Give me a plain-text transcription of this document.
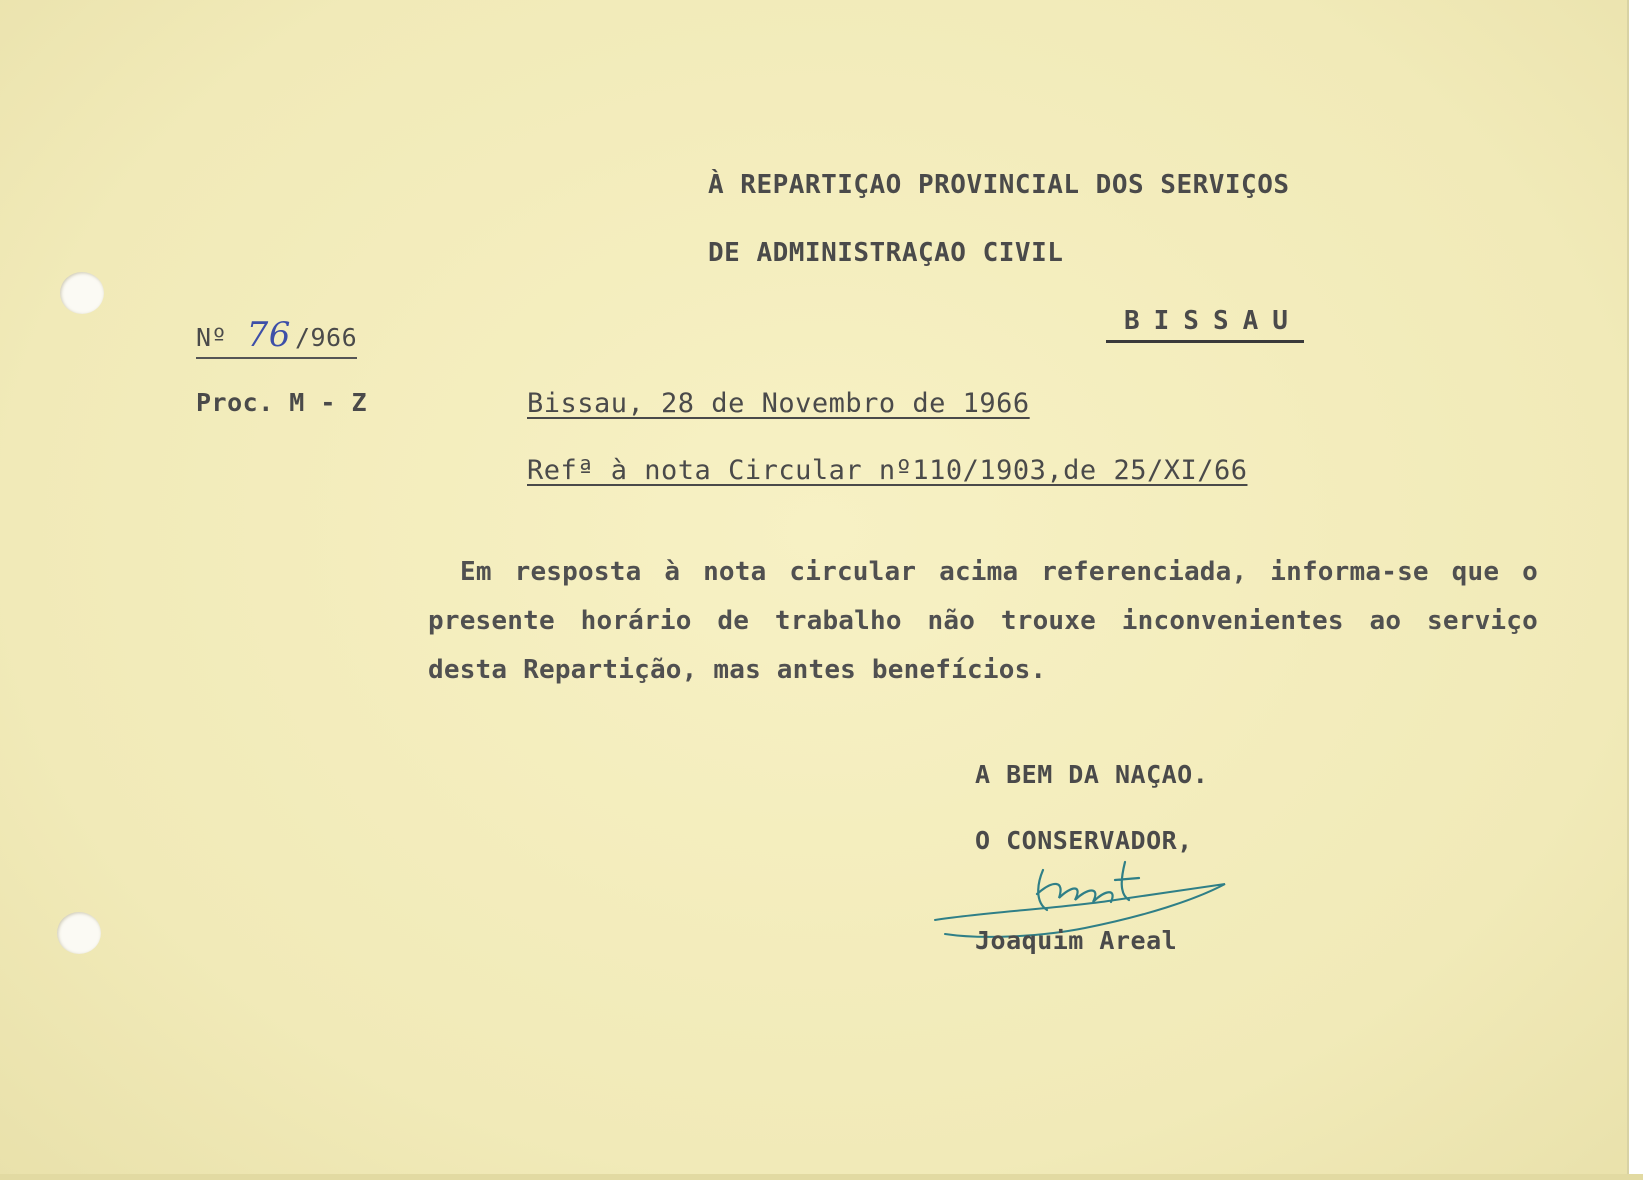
À REPARTIÇAO PROVINCIAL DOS SERVIÇOS
DE ADMINISTRAÇAO CIVIL
BISSAU
Nº 76 /966
Proc. M - Z	Bissau, 28 de Novembro de 1966
Refª à nota Circular nº110/1903,de 25/XI/66
Em resposta à nota circular acima referenciada, informa-se que o presente horário de trabalho não trouxe inconvenientes ao serviço desta Repartição, mas antes benefícios.
A BEM DA NAÇAO.
O CONSERVADOR,
Joaquim Areal
